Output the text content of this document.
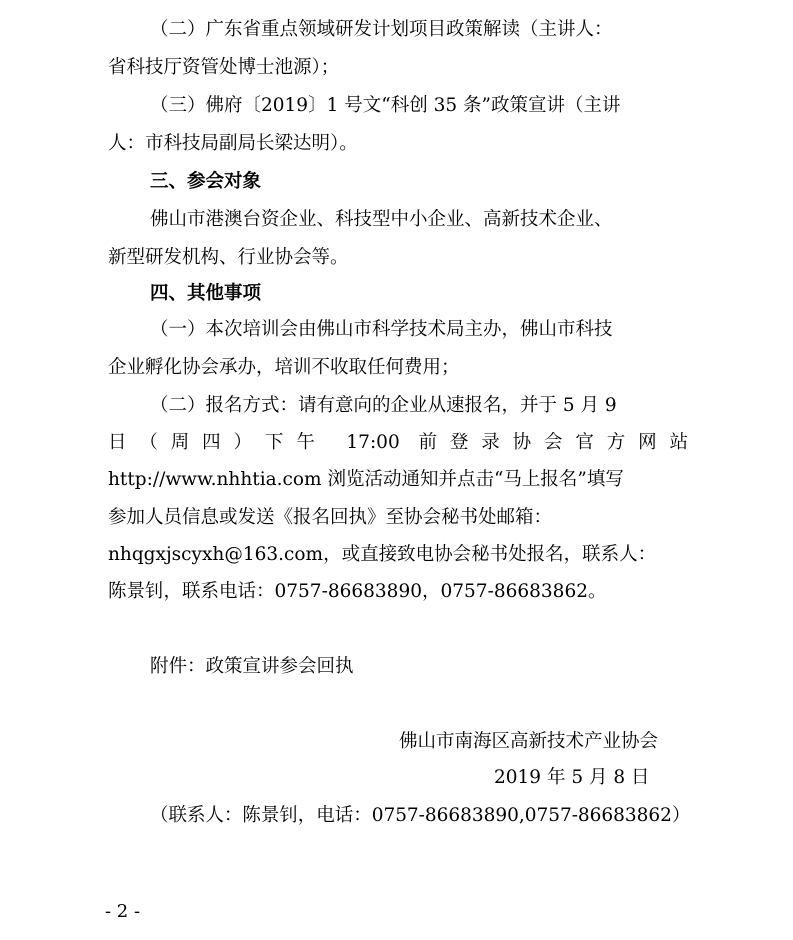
（二）广东省重点领域研发计划项目政策解读（主讲人：
省科技厅资管处博士池源）；
（三）佛府〔2019〕1 号文“科创 35 条”政策宣讲（主讲
人：市科技局副局长梁达明）。
三、参会对象
佛山市港澳台资企业、科技型中小企业、高新技术企业、
新型研发机构、行业协会等。
四、其他事项
（一）本次培训会由佛山市科学技术局主办，佛山市科技
企业孵化协会承办，培训不收取任何费用；
（二）报名方式：请有意向的企业从速报名，并于 5 月 9
日（周四）下午 17:00 前登录协会官方网站
http://www.nhhtia.com 浏览活动通知并点击“马上报名”填写
参加人员信息或发送《报名回执》至协会秘书处邮箱：
nhqgxjscyxh@163.com，或直接致电协会秘书处报名，联系人：
陈景钊，联系电话：0757-86683890，0757-86683862。
附件：政策宣讲参会回执
佛山市南海区高新技术产业协会
2019 年 5 月 8 日
（联系人：陈景钊，电话：0757-86683890,0757-86683862）
- 2 -
